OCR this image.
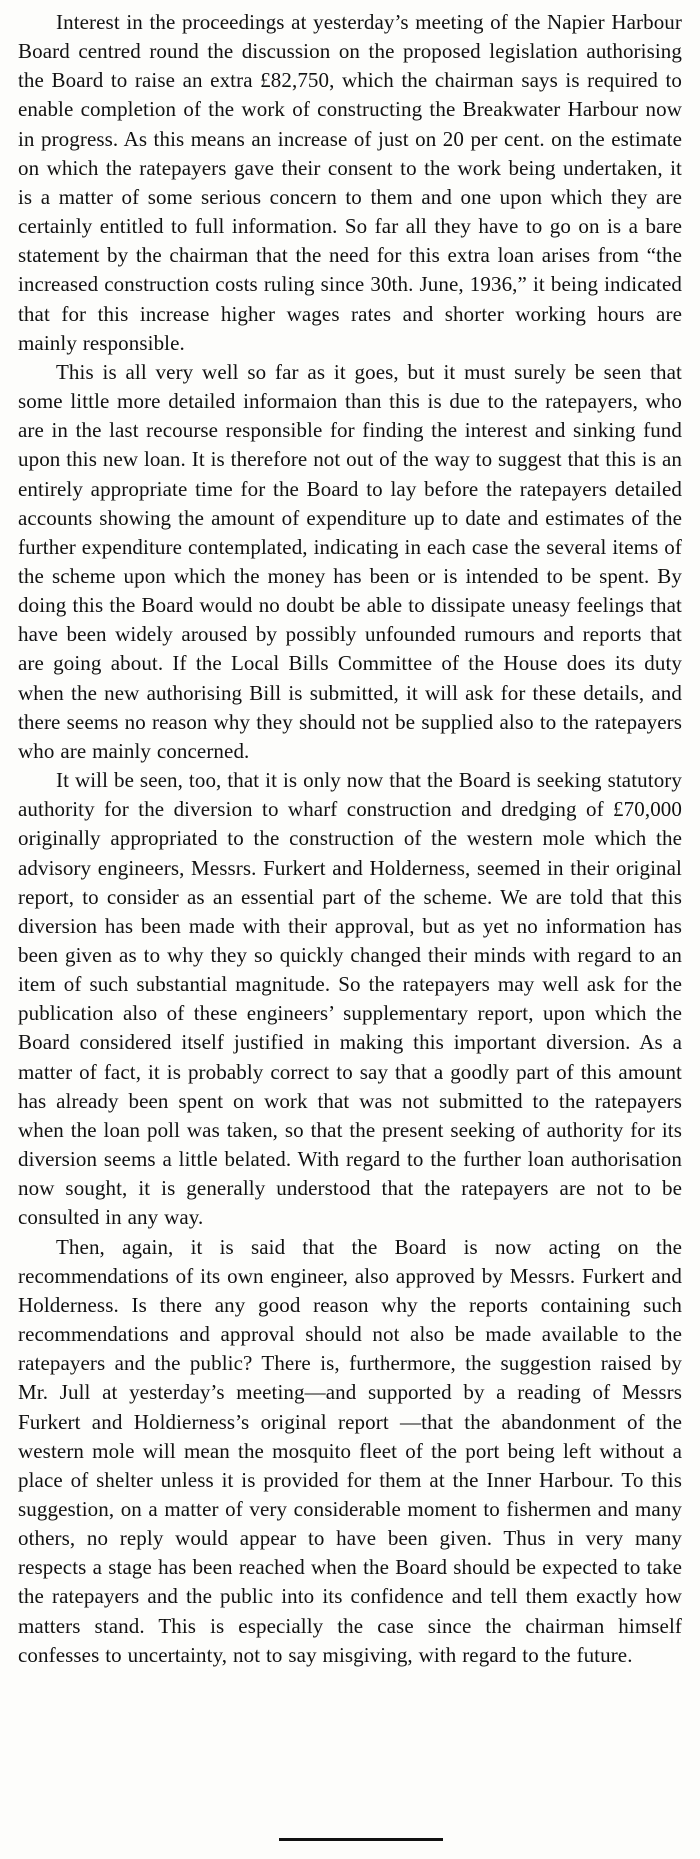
Interest in the proceedings at yesterday’s meeting of the Napier Harbour Board centred round the discussion on the proposed legislation authorising the Board to raise an extra £82,750, which the chairman says is required to enable completion of the work of constructing the Breakwater Harbour now in progress. As this means an increase of just on 20 per cent. on the estimate on which the ratepayers gave their consent to the work being undertaken, it is a matter of some serious concern to them and one upon which they are certainly entitled to full information. So far all they have to go on is a bare statement by the chairman that the need for this extra loan arises from “the increased construction costs ruling since 30th. June, 1936,” it being indicated that for this increase higher wages rates and shorter working hours are mainly responsible.

This is all very well so far as it goes, but it must surely be seen that some little more detailed informaion than this is due to the ratepayers, who are in the last recourse responsible for finding the interest and sinking fund upon this new loan. It is therefore not out of the way to suggest that this is an entirely appropriate time for the Board to lay before the ratepayers detailed accounts showing the amount of expenditure up to date and estimates of the further expenditure contemplated, indicating in each case the several items of the scheme upon which the money has been or is intended to be spent. By doing this the Board would no doubt be able to dissipate uneasy feelings that have been widely aroused by possibly unfounded rumours and reports that are going about. If the Local Bills Committee of the House does its duty when the new authorising Bill is submitted, it will ask for these details, and there seems no reason why they should not be supplied also to the ratepayers who are mainly concerned.

It will be seen, too, that it is only now that the Board is seeking statutory authority for the diversion to wharf construction and dredging of £70,000 originally appropriated to the construction of the western mole which the advisory engineers, Messrs. Furkert and Holderness, seemed in their original report, to consider as an essential part of the scheme. We are told that this diversion has been made with their approval, but as yet no information has been given as to why they so quickly changed their minds with regard to an item of such substantial magnitude. So the ratepayers may well ask for the publication also of these engineers’ supplementary report, upon which the Board considered itself justified in making this important diversion. As a matter of fact, it is probably correct to say that a goodly part of this amount has already been spent on work that was not submitted to the ratepayers when the loan poll was taken, so that the present seeking of authority for its diversion seems a little belated. With regard to the further loan authorisation now sought, it is generally understood that the ratepayers are not to be consulted in any way.

Then, again, it is said that the Board is now acting on the recommendations of its own engineer, also approved by Messrs. Furkert and Holderness. Is there any good reason why the reports containing such recommendations and approval should not also be made available to the ratepayers and the public? There is, furthermore, the suggestion raised by Mr. Jull at yesterday’s meeting—and supported by a reading of Messrs Furkert and Holdierness’s original report —that the abandonment of the western mole will mean the mosquito fleet of the port being left without a place of shelter unless it is provided for them at the Inner Harbour. To this suggestion, on a matter of very considerable moment to fishermen and many others, no reply would appear to have been given. Thus in very many respects a stage has been reached when the Board should be expected to take the ratepayers and the public into its confidence and tell them exactly how matters stand. This is especially the case since the chairman himself confesses to uncertainty, not to say misgiving, with regard to the future.
